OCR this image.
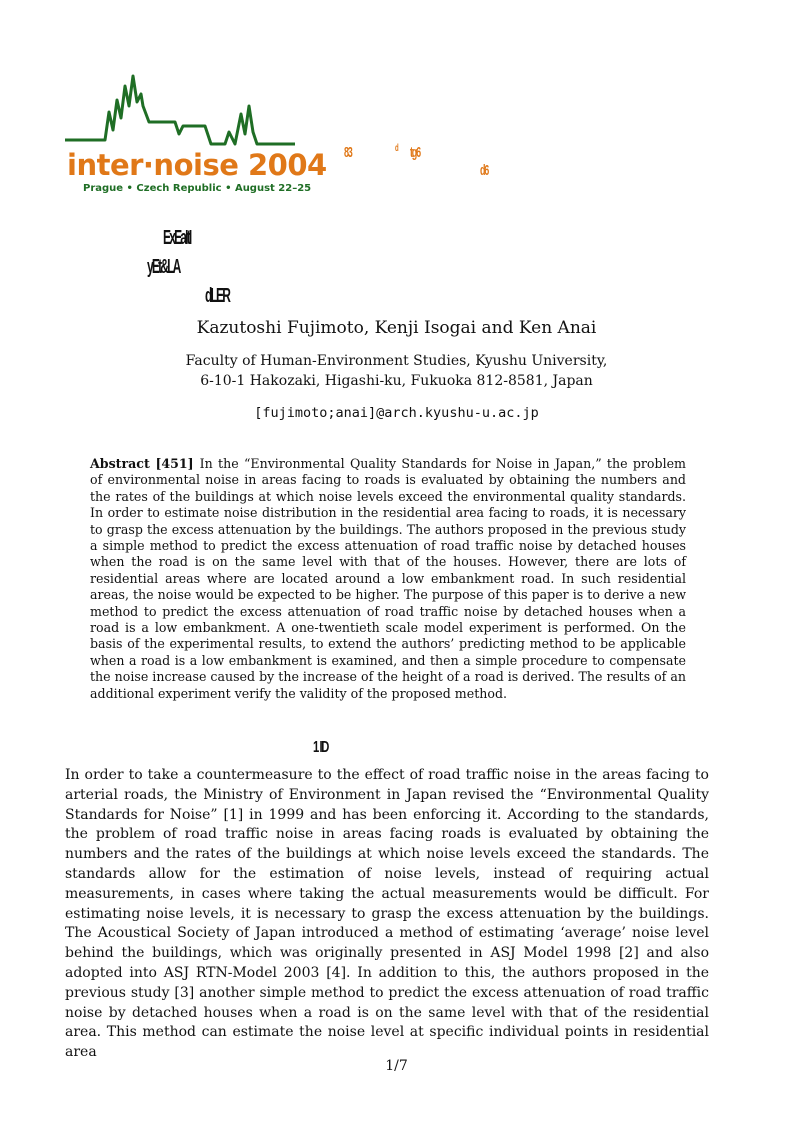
inter·noise 2004
Prague • Czech Republic • August 22–25
83	d tg6
d6
ExEaItI
yEt&LA
dLER
Kazutoshi Fujimoto, Kenji Isogai and Ken Anai
Faculty of Human-Environment Studies, Kyushu University,
6-10-1 Hakozaki, Higashi-ku, Fukuoka 812-8581, Japan
[fujimoto;anai]@arch.kyushu-u.ac.jp
Abstract [451] In the “Environmental Quality Standards for Noise in Japan,” the problem of environmental noise in areas facing to roads is evaluated by obtaining the numbers and the rates of the buildings at which noise levels exceed the environmental quality standards. In order to estimate noise distribution in the residential area facing to roads, it is necessary to grasp the excess attenuation by the buildings. The authors proposed in the previous study a simple method to predict the excess attenuation of road traffic noise by detached houses when the road is on the same level with that of the houses. However, there are lots of residential areas where are located around a low embankment road. In such residential areas, the noise would be expected to be higher. The purpose of this paper is to derive a new method to predict the excess attenuation of road traffic noise by detached houses when a road is a low embankment. A one-twentieth scale model experiment is performed. On the basis of the experimental results, to extend the authors’ predicting method to be applicable when a road is a low embankment is examined, and then a simple procedure to compensate the noise increase caused by the increase of the height of a road is derived. The results of an additional experiment verify the validity of the proposed method.
1 ID
In order to take a countermeasure to the effect of road traffic noise in the areas facing to arterial roads, the Ministry of Environment in Japan revised the “Environmental Quality Standards for Noise” [1] in 1999 and has been enforcing it. According to the standards, the problem of road traffic noise in areas facing roads is evaluated by obtaining the numbers and the rates of the buildings at which noise levels exceed the standards. The standards allow for the estimation of noise levels, instead of requiring actual measurements, in cases where taking the actual measurements would be difficult. For estimating noise levels, it is necessary to grasp the excess attenuation by the buildings. The Acoustical Society of Japan introduced a method of estimating ‘average’ noise level behind the buildings, which was originally presented in ASJ Model 1998 [2] and also adopted into ASJ RTN-Model 2003 [4]. In addition to this, the authors proposed in the previous study [3] another simple method to predict the excess attenuation of road traffic noise by detached houses when a road is on the same level with that of the residential area. This method can estimate the noise level at specific individual points in residential area
1/7
